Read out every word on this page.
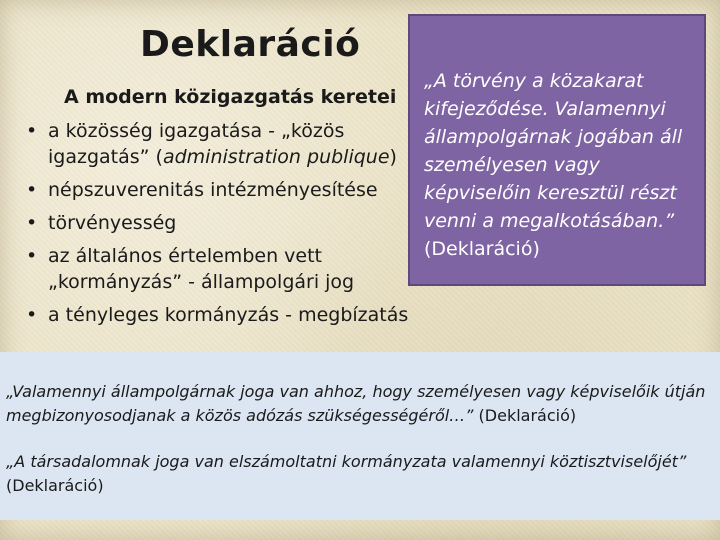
Deklaráció
A modern közigazgatás keretei
• a közösség igazgatása - „közös igazgatás” (administration publique)
• népszuverenitás intézményesítése
• törvényesség
• az általános értelemben vett „kormányzás” - állampolgári jog
• a tényleges kormányzás - megbízatás
„A törvény a közakarat kifejeződése. Valamennyi állampolgárnak jogában áll személyesen vagy képviselőin keresztül részt venni a megalkotásában.”
(Deklaráció)
„Valamennyi állampolgárnak joga van ahhoz, hogy személyesen vagy képviselőik útján megbizonyosodjanak a közös adózás szükségességéről…” (Deklaráció)
„A társadalomnak joga van elszámoltatni kormányzata valamennyi köztisztviselőjét”
(Deklaráció)
